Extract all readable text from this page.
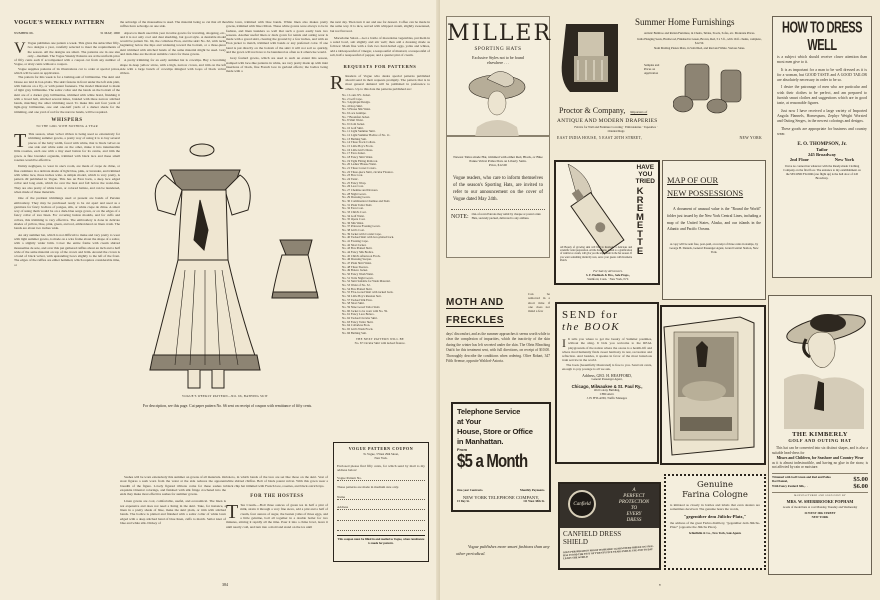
VOGUE'S WEEKLY PATTERN
NUMBER 66.	31 MAY, 1900

V Vogue publishes one pattern a week. This gives the subscriber fifty-two designs a year, carefully selected to meet the requirements of the season. All the designs are smart. The patterns are in one size only—medium. The Vogue Weekly Patterns are at the uniform price of fifty cents each if accompanied with a coupon cut from any number of Vogue, or sixty cents without a coupon.

Vogue supplies patterns of its illustrations cut to order at special prices, which will be sent on application.

The pattern for this week is for a bathing-suit of brilliantine. The skirt and blouse are laid in box-plaits. The skirt fastens in front under the left side plait, with buttons on a fly, or with patent fasteners. The model illustrated is made of light gray brilliantine. The sailor collar and the bands on the bottom of the skirt are of a darker gray brilliantine, trimmed with white braid, finishing it with a broad belt, stitched several times, braided with three narrow stitched bands, matching the other trimming used. To make this suit four yards of light-gray brilliantine, one and one-half yards of a darker shade for the trimming, and one yard of red for the narrow bands, will be required.

WHISPERS
TO THE GIRL WITH NOTHING A YEAR

T This season, when velvet ribbon is being used so extensively for trimming summer gowns, a pretty way of using it is to buy several pieces of the baby width, faced with white, that is black velvet on one side and white satin on the other, make it into innumerable little rosettes, each one with a tiny steel button for its centre, and trim the gown. A fine lavender organdie, trimmed with black lace and these small rosettes would be effective.

Dainty negligees, to wear in one's room, are made of crepe de chine, or fine cashmere in a delicate shade of light blue, pink, or lavender, and trimmed with white lace, three inches wide. A simple model, which is very pretty, is pattern 49 published in Vogue. This has an Eton back, a deep lace edged collar and long ends, which tie over the bust and fall below the waist-line. They are also pretty of white lawn, or colored batiste, and can be laundered, when made of these materials.

One of the prettiest trimmings used at present are bands of Persian embroidery. They may be purchased ready to be cut apart and used as a garniture for fancy bodices of pongee, silk, or white crepe de chine. A smart way of using them would be on a dark-blue serge gown, or on the edges of a fancy collar of tore linen. For covering button moulds, and for cuffs and collars, this trimming is very effective. The embroidery is done in delicate shades of yellow, blue, pink, green, and red, embroidered on linen crash. The bands are about two inches wide.

An airy summer hat, which is not difficult to make and very pretty to wear with light summer gowns, is made on a wire frame about the shape of a sailor, with a slightly wider brim. Cover the entire frame with cream shirred mousseline de soie, and over this put gathered ruffles about an inch and a half wide of the same material on top of the crown and brim. Around the crown is a band of black velvet, with upstanding bows slightly to the left of the front. The edges of the ruffles are either hemmed, which requires considerable time, or

the selvedge of the mousseline is used. The material being so cut that all the ruffles have selvedge on one side.

Alpaca is much used this year in tailor-gowns for traveling, shopping, etc., and it is not only cool and dust shedding, but good style. A desirable model would be pattern No. 64, the collarless Eton, and the skirt No. 62, with tucks beginning below the hips and widening toward the bottom, or a three-piece skirt trimmed with stitched bands of the same material might be used. Gray and dark-blue are the most suitable colors for these gowns.

A pretty trimming for an early summer hat is cowslips. Buy a becoming shape in deep yellow straw, with a high, narrow crown, and trim on the left side with a large bunch of cowslips mingled with loops of black velvet ribbon.

white lawn, trimmed with blue bands. White linen also makes pretty gowns, trimmed with blue ribbon. These white gowns were always to be in fashion, and linen launders so well that such a gown easily lasts two seasons. Another useful linen or duck gown for tennis and outing wear is made with a gored skirt, clearing the ground by a few inches, and with an Eton jacket to match, trimmed with bands or any preferred color. If one band is put directly on the bottom of the skirt it will not soil so quickly, and the gown will not have to be laundered as often as it otherwise would.

Gray foulard gowns, which are used to such an extent this season, stamped with lace-like patterns in white, are very pretty made up with inlet insertions of black, fine French lace in garland effects; the bodice being made with a

the next day. Then turn it out and use for dessert. Coffee can be made in the same way. It is nice, served with whipped cream, slightly sweetened, but not flavored.

Macedoine Salad.—Get a bottle of macedoine vegetables, put them in a salad bowl, salt slightly and stir well; then add a dressing made as follows: Mash fine with a fork two hard-boiled eggs, yolks and whites, add a tablespoonful of vinegar, a teaspoonful of mustard, a teaspoonful of salt, half a teaspoonful of pepper, and a quarter pint of cream.

REQUESTS FOR PATTERNS

R Readers of Vogue who desire special patterns published should send in their requests promptly. The pattern that is in most general demand will be published in preference to others. Up to this date the patterns published are:

No. 1 Louis XV. Jacket.
No. 2 Golf Cape.
No. 3 Appliqué Design.
No. 4 Drop Skirt.
No. 5 House Silk Waist.
No. 6 Lace Guimpe.
No. 7 Breakfast Jacket.
No. 8 Shirt Waist.
No. 9 Cloth Jacket.
No. 10 Golf Skirt.
No. 11 Light Summer Skirt.
No. 12 Light Summer Bodice of No. 11.
No. 13 Bathing Suit.
No. 14 Three Stock Collars.
No. 15 Little Boy's Frock.
No. 16 Little Girl's Dress.
No. 17 Eton Jacket.
No. 18 Fancy Shirt Waist.
No. 19 Tight Fitting Petticoat.
No. 20 Ladies' Blouse Waist.
No. 21 Three Corset Covers.
No. 22 Three-piece Skirt, circular Flounce.
No. 23 Box Coat.
No. 24 Tunic.
No. 25 Fancy Wrap.
No. 26 Lace Coat.
No. 27 Chemise and Drawers.
No. 28 Night Gown.
No. 29 Dressing Gown.
No. 30 Combination Chemise and Skirt.
No. 31 Plain Tailor Skirt.
No. 32 Eton Coat.
No. 33 Child's Coat.
No. 34 Golf Waist.
No. 35 Opera Coat.
No. 36 Silk Waist.
No. 37 Princess Evening Gown.
No. 38 Girl's Coat.
No. 39 Jacket with Corslet Cape.
No. 40 Tucked Skirt with box-plaited back.
No. 41 Evening Cape.
No. 42 Short Jacket.
No. 43 Box Plaited Skirt.
No. 44 Fancy Silk Bodice.
No. 45 Child's Afternoon Frock.
No. 46 Dressing Sacque.
No. 47 Plain Shirt Waist.
No. 48 Three Sleeves.
No. 49 Bolero Jacket.
No. 50 Fancy Wash Waist.
No. 51 Voile Night Gown.
No. 52 Skirt Suitable for Wash Material.
No. 53 Waist of No. 52.
No. 54 Box Plaited Skirt.
No. 55 Five-Gored Skirt with tucked back.
No. 56 Little Boy's Russian Suit.
No. 57 Tucked Silk Eton.
No. 58 Short Skirt.
No. 59 Nine Gored Tailor Skirt.
No. 60 Jacket to be worn with No. 59.
No. 61 Fancy Lace Bolero.
No. 62 Tucked Circular Skirt.
No. 63 Fancy Tailor Skirt.
No. 64 Collarless Eton.
No. 65 Girl's Wash Frock.
No. 66 Bathing Suit.
THE NEXT PATTERN WILL BE
No. 67 Circular Skirt with tucked flounce.
VOGUE PATTERN COUPON
To Vogue, 3 West 29th Street,
New York.

Enclosed please find fifty cents, for which send by mail to my address below:

Vogue Pattern No.

These patterns are made in medium size only.

Name
Address
This coupon must be filled in and mailed to Vogue, when remittance is made for pattern.
VOGUE'S WEEKLY PATTERN—NO. 66, BATHING SUIT
For description, see this page. Cut paper pattern No. 66 sent on receipt of coupon with remittance of fifty cents.

Sashes will be worn extensively this summer on gowns of all materials. On stout figures a sash worn from the waist at the side reduces the apparent breadth of the figure. Lovely figured ribbons come for these sashes in exquisite Oriental colorings, and finished with silk fringe crocheted into the ends they make most effective sashes for summer gowns.

Linen gowns are cool, comfortable, useful, and economical. The linen is not expensive and does not need a lining in the skirt. Take, for instance, a linen in a pretty shade of blue, make the skirt plain, or trim with stitched bands. The bodice is plaited and finished with a sailor collar of white lawn edged with a deep stitched band of blue linen, cuffs to match. Sailor knot of blue and white silk. Dickey of

bolero, in which bands of the lace are set like those on the skirt. Vest of white shirred chiffon. Belt of black patent velvet. With this gown wear a black chip hat trimmed with French lace, rosettes, and black ostrich tips.

FOR THE HOSTESS

T Tea Cream.—Boil three ounces of green tea in half a pint of milk, strain it through a very fine sieve, add a pint and a half of cream, four ounces of sugar, the beaten yolks of three eggs, and a little gelatine, boil all together in a double boiler for two minutes, stirring it rapidly all the time. Pour it into a china bowl, leave it until nearly cold, and turn into a mold and stand on the ice until

384
MILLER
SPORTING HATS
Exclusive Styles not to be found elsewhere . . .
Newest Tailor-made Hat, trimmed with either Red, Black, or Blue Panne Velvet Polka Dots on Liberty Satin.
Price, $12.00
Vogue readers, who care to inform themselves of the season's Sporting Hats, are invited to refer to our announcement on the cover of Vogue dated May 24th.
NOTE: Out-of-town Patrons may remit by cheque or postal order. Hats, securely packed, delivered to any address.
Summer Home Furnishings
Artistic Bamboo and Rattan Furniture, in Chairs, Tables, Stools, Sofas, etc. Moderate Prices.
India Hanging Seats, Hardwood, Finished in Green, Brown, Red, 3 x 5 ft., with 10-ft. chains, complete, $12.50.
Siam Matting Piazza Mats, in Solid Red, and Red and White. Various Sizes.
Samples and Prices on Application
Proctor & Company, Importers of
ANTIQUE AND MODERN DRAPERIES
Fabrics for Wall and Furniture Covering · Embroideries · Tapestries · Oriental Rugs
EAST INDIA HOUSE, 5 EAST 20TH STREET,	NEW YORK
HOW TO DRESS WELL

is a subject which should receive closer attention than most men give to it.

It is as important for a man to be well dressed as it is for a woman, but GOOD TASTE and A GOOD TAILOR are absolutely necessary in order to be so.

I desire the patronage of men who are particular and wish their clothes to be perfect, and am prepared to furnish smart clothes and suggestions which are in good taste, at reasonable figures.

Just now I have received a large variety of Imported Angola Flannels, Homespuns, Zephyr Weight Worsted and Outing Serges, in the newest colorings and designs.

These goods are appropriate for business and country wear.

E. O. THOMPSON, Jr.
Tailor
245 Broadway
2nd Floor	New York
I have no connection whatever with the Ready-made Clothing Company on the first floor. The entrance to my establishment on the SECOND FLOOR (one flight up) is the hall door of 245 Broadway.
HAVE
YOU
TRIED
KREMETTE
All Beauty of growing skin will find in Kremette a delicious and scientific toilet preparation. A little Kremette, added to a gratification of vanilla ice cream, will give you the enjoyment in the hot season. If you want something distinctly new, serve your guests with Kremette Punch.
For Sale by All Grocers.
S. F. Haddock & Bro., Sole Props.,
Stamford, Conn. · New York, N.Y.
MAP OF OUR
NEW POSSESSIONS
A document of unusual value is the "Round the World" folder just issued by the New York Central Lines, including a map of the United States, Alaska, and our islands in the Atlantic and Pacific Oceans.
A copy will be sent free, post-paid, on receipt of three cents in stamps, by George H. Daniels, General Passenger Agent, Grand Central Station, New York.
MOTH AND FRECKLES
Can be removed in a short time if one does not mind a few
days' discomfort, and as the summer approaches it seems worth while to clear the complexion of impurities, which the inactivity of the skin during the winter has left secreted under the skin. The Olein Bleaching Outfit for this treatment sent, with full directions, on receipt of $10.00. Thoroughly describe the conditions when ordering. Olive Robart, 347 Fifth Avenue, opposite Waldorf-Astoria.
Telephone Service
at Your
House, Store or Office
in Manhattan.
From
$5 a Month
One-year Contracts.	Monthly Payments.
NEW YORK TELEPHONE COMPANY,
15 Dey St.	111 West 38th St.
Vogue publishes more smart fashions than any other periodical.
SEND for
the BOOK

I It tells you where to get the beauty of Summer pastimes, without the sting. It bids you welcome to the REAL playgrounds of the nation where the ozone is a health-lift and where tired humanity finds sweet harmony in rest, recreation and reflection. And besides, it speaks in favor of the most luxurious train service in the world.

The book (beautifully illustrated) is free to you. Send six cents, enough to pay postage is all we ask.

Address, GEO. H. HEAFFORD,
General Passenger Agent,
Chicago, Milwaukee & St. Paul Ry.,
Old Colony Building,
CHICAGO.
J. H. HYLAND, Traffic Manager.
Canfield
A
PERFECT
PROTECTION
TO
EVERY
DRESS
CANFIELD DRESS SHIELD
ONLY PERSPIRATION PROOF WASHABLE GUARANTEED SHIELD ON SALE. HAS STOOD THE TEST OF TWENTY FIVE YEARS PUBLIC USE AND TO DAY LEADS THE WORLD
THE KIMBERLY
GOLF AND OUTING HAT
This hat can be converted into six distinct shapes, and is also a suitable head-dress for
Misses and Children, for Seashore and Country Wear
as it is almost indestructible, and having no glue in the straw, is not affected by rain or moisture.
Trimmed with Golf Green and Red and Polka Dot Flannel,	$5.00
With Fancy Foulard Silk, . .	$6.00
MANUFACTURED AND SOLD ONLY BY
MRS. W. SHERBROOKE POPHAM
A sale of model hats at cost Monday, Tuesday and Wednesday
34 WEST 30th STREET
NEW YORK
Genuine
Farina Cologne
is imitated as closely in bottles and labels that even dealers are sometimes deceived. The genuine bears the words,
"gegenüber dem Jülichs-Platz,"
the address of the great Farina distillery, "gegenüber dem Jülichs-Platz" (opposite the Jülichs Place).
Schieffelin & Co., New York, Sole Agents
v
